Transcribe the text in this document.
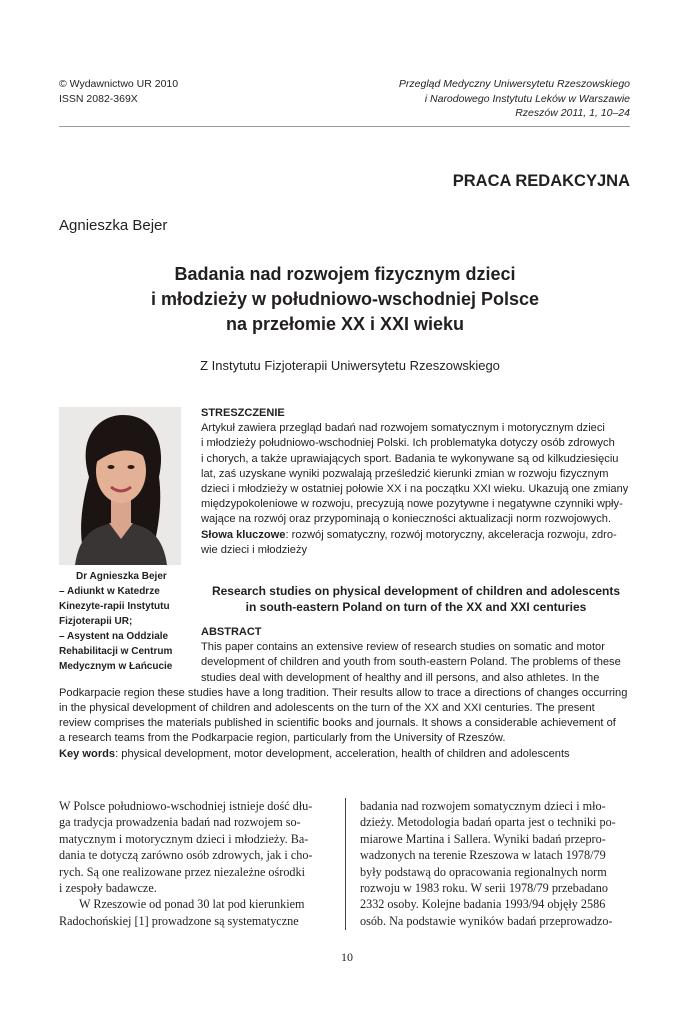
© Wydawnictwo UR 2010
ISSN 2082-369X
Przegląd Medyczny Uniwersytetu Rzeszowskiego
i Narodowego Instytutu Leków w Warszawie
Rzeszów 2011, 1, 10–24
PRACA REDAKCYJNA
Agnieszka Bejer
Badania nad rozwojem fizycznym dzieci
i młodzieży w południowo-wschodniej Polsce
na przełomie XX i XXI wieku
Z Instytutu Fizjoterapii Uniwersytetu Rzeszowskiego
Dr Agnieszka Bejer
– Adiunkt w Katedrze
Kinezyte-rapii Instytutu
Fizjoterapii UR;
– Asystent na Oddziale
Rehabilitacji w Centrum
Medycznym w Łańcucie
STRESZCZENIE
Artykuł zawiera przegląd badań nad rozwojem somatycznym i motorycznym dzieci
i młodzieży południowo-wschodniej Polski. Ich problematyka dotyczy osób zdrowych
i chorych, a także uprawiających sport. Badania te wykonywane są od kilkudziesięciu
lat, zaś uzyskane wyniki pozwalają prześledzić kierunki zmian w rozwoju fizycznym
dzieci i młodzieży w ostatniej połowie XX i na początku XXI wieku. Ukazują one zmiany
międzypokoleniowe w rozwoju, precyzują nowe pozytywne i negatywne czynniki wpły-
wające na rozwój oraz przypominają o konieczności aktualizacji norm rozwojowych.
Słowa kluczowe: rozwój somatyczny, rozwój motoryczny, akceleracja rozwoju, zdro-
wie dzieci i młodzieży
Research studies on physical development of children and adolescents
in south-eastern Poland on turn of the XX and XXI centuries
ABSTRACT
This paper contains an extensive review of research studies on somatic and motor
development of children and youth from south-eastern Poland. The problems of these
studies deal with development of healthy and ill persons, and also athletes. In the
Podkarpacie region these studies have a long tradition. Their results allow to trace a directions of changes occurring
in the physical development of children and adolescents on the turn of the XX and XXI centuries. The present
review comprises the materials published in scientific books and journals. It shows a considerable achievement of
a research teams from the Podkarpacie region, particularly from the University of Rzeszów.
Key words: physical development, motor development, acceleration, health of children and adolescents
W Polsce południowo-wschodniej istnieje dość dłu-
ga tradycja prowadzenia badań nad rozwojem so-
matycznym i motorycznym dzieci i młodzieży. Ba-
dania te dotyczą zarówno osób zdrowych, jak i cho-
rych. Są one realizowane przez niezależne ośrodki
i zespoły badawcze.
W Rzeszowie od ponad 30 lat pod kierunkiem
Radochońskiej [1] prowadzone są systematyczne
badania nad rozwojem somatycznym dzieci i mło-
dzieży. Metodologia badań oparta jest o techniki po-
miarowe Martina i Sallera. Wyniki badań przepro-
wadzonych na terenie Rzeszowa w latach 1978/79
były podstawą do opracowania regionalnych norm
rozwoju w 1983 roku. W serii 1978/79 przebadano
2332 osoby. Kolejne badania 1993/94 objęły 2586
osób. Na podstawie wyników badań przeprowadzo-
10
